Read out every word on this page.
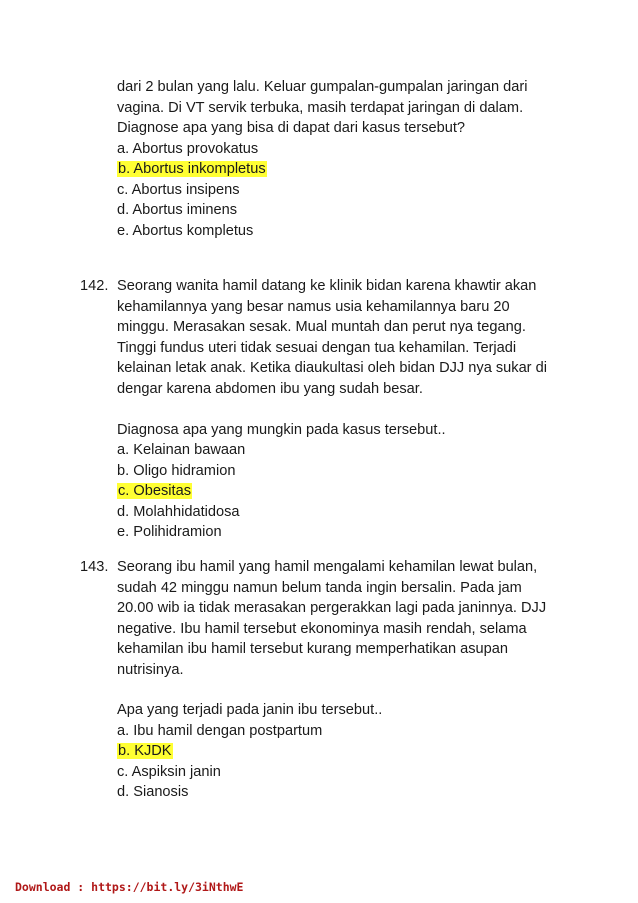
dari 2 bulan yang lalu. Keluar gumpalan-gumpalan jaringan dari
vagina. Di VT servik terbuka, masih terdapat jaringan di dalam.
Diagnose apa yang bisa di dapat dari kasus tersebut?
a. Abortus provokatus
b. Abortus inkompletus
c. Abortus insipens
d. Abortus iminens
e. Abortus kompletus
142. Seorang wanita hamil datang ke klinik bidan karena khawtir akan
kehamilannya yang besar namus usia kehamilannya baru 20
minggu. Merasakan sesak. Mual muntah dan perut nya tegang.
Tinggi fundus uteri tidak sesuai dengan tua kehamilan. Terjadi
kelainan letak anak. Ketika diaukultasi oleh bidan DJJ nya sukar di
dengar karena abdomen ibu yang sudah besar.
Diagnosa apa yang mungkin pada kasus tersebut..
a. Kelainan bawaan
b. Oligo hidramion
c. Obesitas
d. Molahhidatidosa
e. Polihidramion
143. Seorang ibu hamil yang hamil mengalami kehamilan lewat bulan,
sudah 42 minggu namun belum tanda ingin bersalin. Pada jam
20.00 wib ia tidak merasakan pergerakkan lagi pada janinnya. DJJ
negative. Ibu hamil tersebut ekonominya masih rendah, selama
kehamilan ibu hamil tersebut kurang memperhatikan asupan
nutrisinya.
Apa yang terjadi pada janin ibu tersebut..
a. Ibu hamil dengan postpartum
b. KJDK
c. Aspiksin janin
d. Sianosis
Download : https://bit.ly/3iNthwE
